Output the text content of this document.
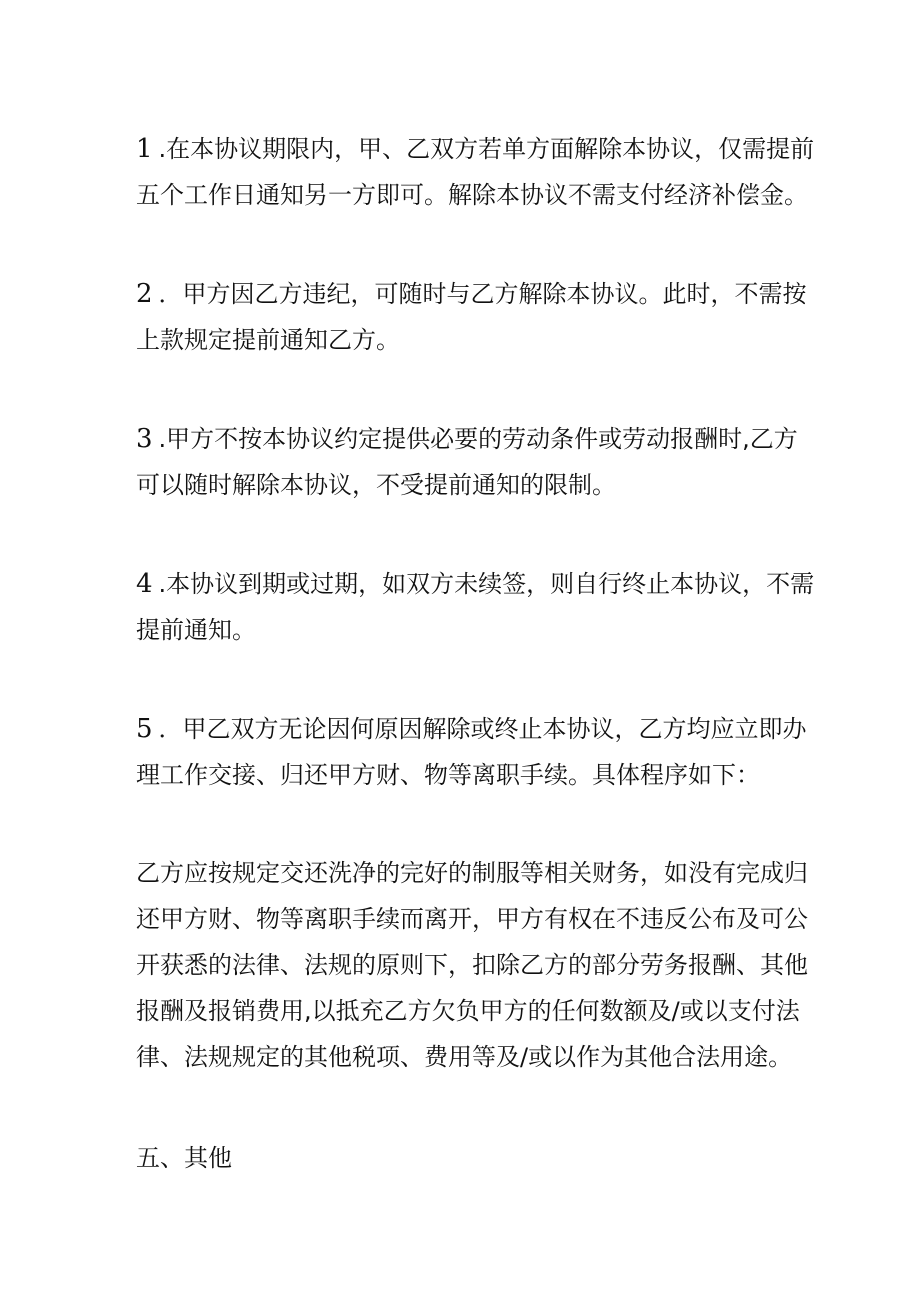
1 .在本协议期限内，甲、乙双方若单方面解除本协议，仅需提前
五个工作日通知另一方即可。解除本协议不需支付经济补偿金。
2 ．甲方因乙方违纪，可随时与乙方解除本协议。此时，不需按
上款规定提前通知乙方。
3 .甲方不按本协议约定提供必要的劳动条件或劳动报酬时,乙方
可以随时解除本协议，不受提前通知的限制。
4 .本协议到期或过期，如双方未续签，则自行终止本协议，不需
提前通知。
5 ．甲乙双方无论因何原因解除或终止本协议，乙方均应立即办
理工作交接、归还甲方财、物等离职手续。具体程序如下：
乙方应按规定交还洗净的完好的制服等相关财务，如没有完成归
还甲方财、物等离职手续而离开，甲方有权在不违反公布及可公
开获悉的法律、法规的原则下，扣除乙方的部分劳务报酬、其他
报酬及报销费用,以抵充乙方欠负甲方的任何数额及/或以支付法
律、法规规定的其他税项、费用等及/或以作为其他合法用途。
五、其他
